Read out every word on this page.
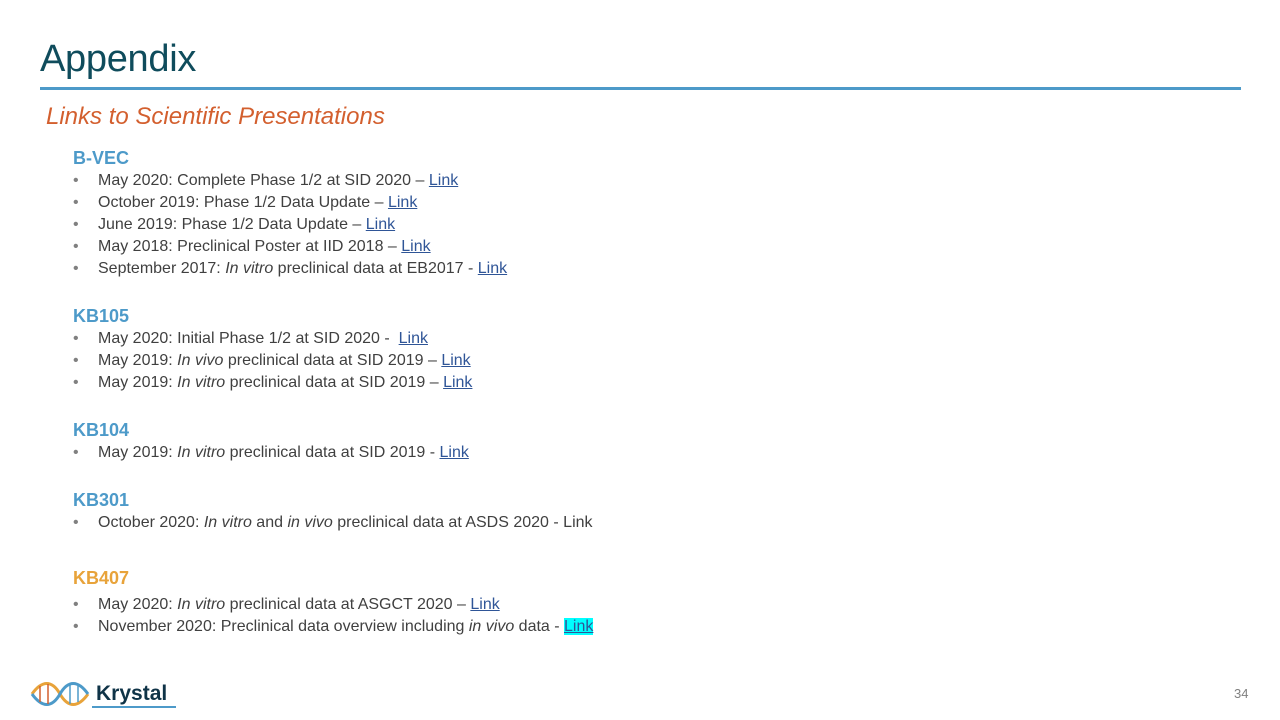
Appendix
Links to Scientific Presentations
B-VEC
• May 2020: Complete Phase 1/2 at SID 2020 – Link
• October 2019: Phase 1/2 Data Update – Link
• June 2019: Phase 1/2 Data Update – Link
• May 2018: Preclinical Poster at IID 2018 – Link
• September 2017: In vitro preclinical data at EB2017 - Link
KB105
• May 2020: Initial Phase 1/2 at SID 2020 -  Link
• May 2019: In vivo preclinical data at SID 2019 – Link
• May 2019: In vitro preclinical data at SID 2019 – Link
KB104
• May 2019: In vitro preclinical data at SID 2019 - Link
KB301
• October 2020: In vitro and in vivo preclinical data at ASDS 2020 - Link
KB407
• May 2020: In vitro preclinical data at ASGCT 2020 – Link
• November 2020: Preclinical data overview including in vivo data - Link
Krystal	34
